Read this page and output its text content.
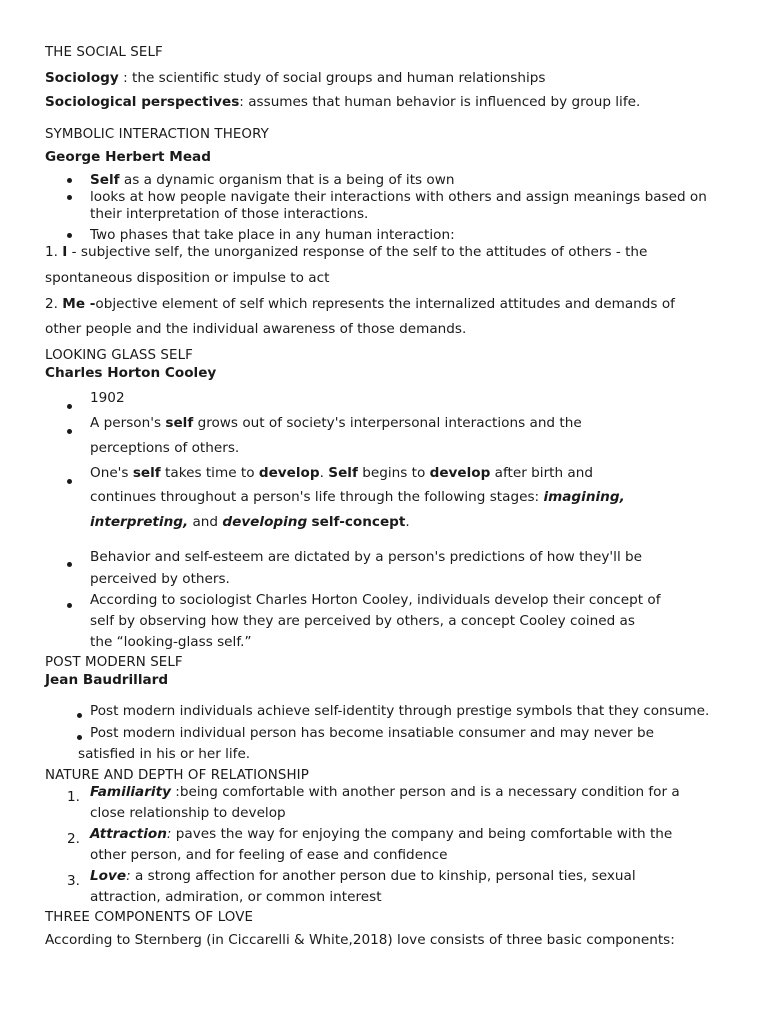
THE SOCIAL SELF
Sociology : the scientific study of social groups and human relationships
Sociological perspectives: assumes that human behavior is influenced by group life.
SYMBOLIC INTERACTION THEORY
George Herbert Mead
Self as a dynamic organism that is a being of its own
looks at how people navigate their interactions with others and assign meanings based on
their interpretation of those interactions.
Two phases that take place in any human interaction:
1. I - subjective self, the unorganized response of the self to the attitudes of others - the
spontaneous disposition or impulse to act
2. Me -objective element of self which represents the internalized attitudes and demands of
other people and the individual awareness of those demands.
LOOKING GLASS SELF
Charles Horton Cooley
1902
A person's self grows out of society's interpersonal interactions and the
perceptions of others.
One's self takes time to develop. Self begins to develop after birth and
continues throughout a person's life through the following stages: imagining,
interpreting, and developing self-concept.
Behavior and self-esteem are dictated by a person's predictions of how they'll be
perceived by others.
According to sociologist Charles Horton Cooley, individuals develop their concept of
self by observing how they are perceived by others, a concept Cooley coined as
the “looking-glass self.”
POST MODERN SELF
Jean Baudrillard
Post modern individuals achieve self-identity through prestige symbols that they consume.
Post modern individual person has become insatiable consumer and may never be
satisfied in his or her life.
NATURE AND DEPTH OF RELATIONSHIP
1. Familiarity :being comfortable with another person and is a necessary condition for a
close relationship to develop
2. Attraction: paves the way for enjoying the company and being comfortable with the
other person, and for feeling of ease and confidence
3. Love: a strong affection for another person due to kinship, personal ties, sexual
attraction, admiration, or common interest
THREE COMPONENTS OF LOVE
According to Sternberg (in Ciccarelli & White,2018) love consists of three basic components:
